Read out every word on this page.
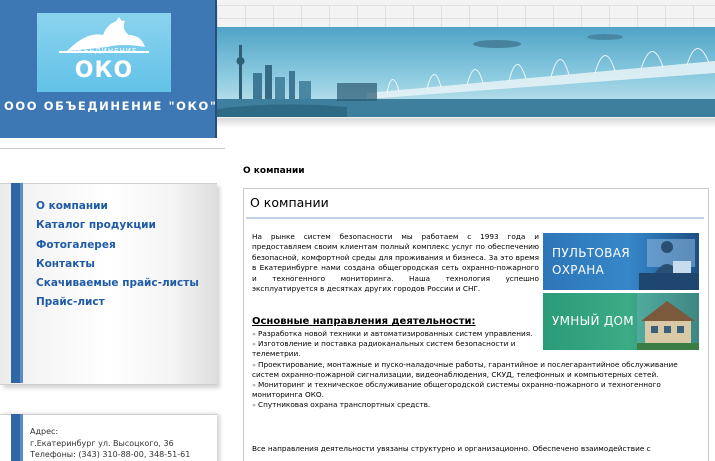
ОБЪЕДИНЕНИЕ
ОКО
ООО ОБЪЕДИНЕНИЕ "ОКО"
О компании
Каталог продукции
Фотогалерея
Контакты
Скачиваемые прайс-листы
Прайс-лист
Адрес:
г.Екатеринбург ул. Высоцкого, 36
Телефоны: (343) 310-88-00, 348-51-61
О компании
О компании
На рынке систем безопасности мы работаем с 1993 года и предоставляем своим клиентам полный комплекс услуг по обеспечению безопасной, комфортной среды для проживания и бизнеса. За это время в Екатеринбурге нами создана общегородская сеть охранно-пожарного и техногенного мониторинга. Наша технология успешно эксплуатируется в десятках других городов России и СНГ.
Основные направления деятельности:
» Разработка новой техники и автоматизированных систем управления.
» Изготовление и поставка радиоканальных систем безопасности и телеметрии.
» Проектирование, монтажные и пуско-наладочные работы, гарантийное и послегарантийное обслуживание систем охранно-пожарной сигнализации, видеонаблюдения, СКУД, телефонных и компьютерных сетей.
» Мониторинг и техническое обслуживание общегородской системы охранно-пожарного и техногенного мониторинга ОКО.
» Спутниковая охрана транспортных средств.
Все направления деятельности увязаны структурно и организационно. Обеспечено взаимодействие с
ПУЛЬТОВАЯ
ОХРАНА
УМНЫЙ ДОМ
